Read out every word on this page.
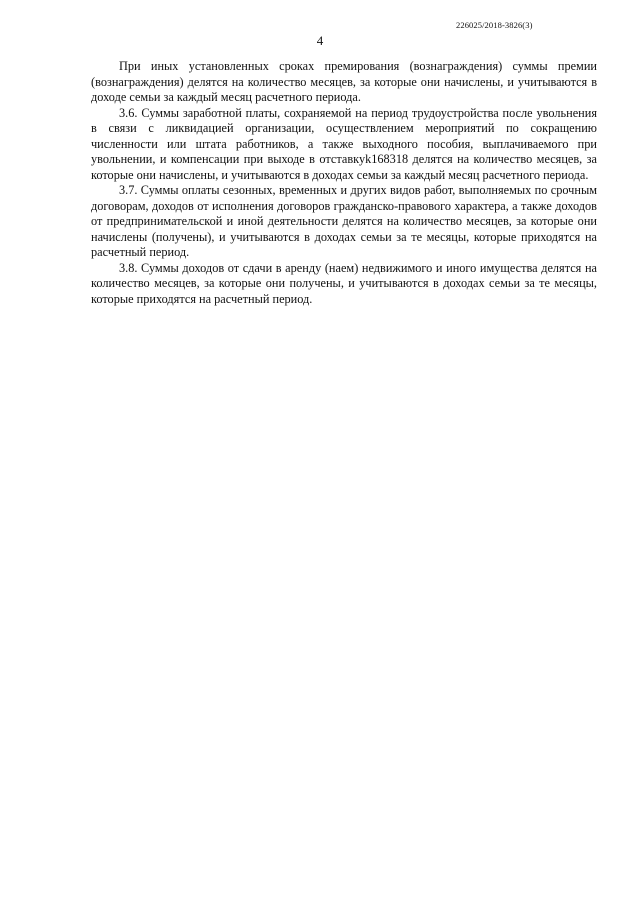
226025/2018-3826(3)
4

При иных установленных сроках премирования (вознаграждения) суммы премии (вознаграждения) делятся на количество месяцев, за которые они начислены, и учитываются в доходе семьи за каждый месяц расчетного периода.

3.6. Суммы заработной платы, сохраняемой на период трудоустройства после увольнения в связи с ликвидацией организации, осуществлением мероприятий по сокращению численности или штата работников, а также выходного пособия, выплачиваемого при увольнении, и компенсации при выходе в отставкуk168318 делятся на количество месяцев, за которые они начислены, и учитываются в доходах семьи за каждый месяц расчетного периода.

3.7. Суммы оплаты сезонных, временных и других видов работ, выполняемых по срочным договорам, доходов от исполнения договоров гражданско-правового характера, а также доходов от предпринимательской и иной деятельности делятся на количество месяцев, за которые они начислены (получены), и учитываются в доходах семьи за те месяцы, которые приходятся на расчетный период.

3.8. Суммы доходов от сдачи в аренду (наем) недвижимого и иного имущества делятся на количество месяцев, за которые они получены, и учитываются в доходах семьи за те месяцы, которые приходятся на расчетный период.
